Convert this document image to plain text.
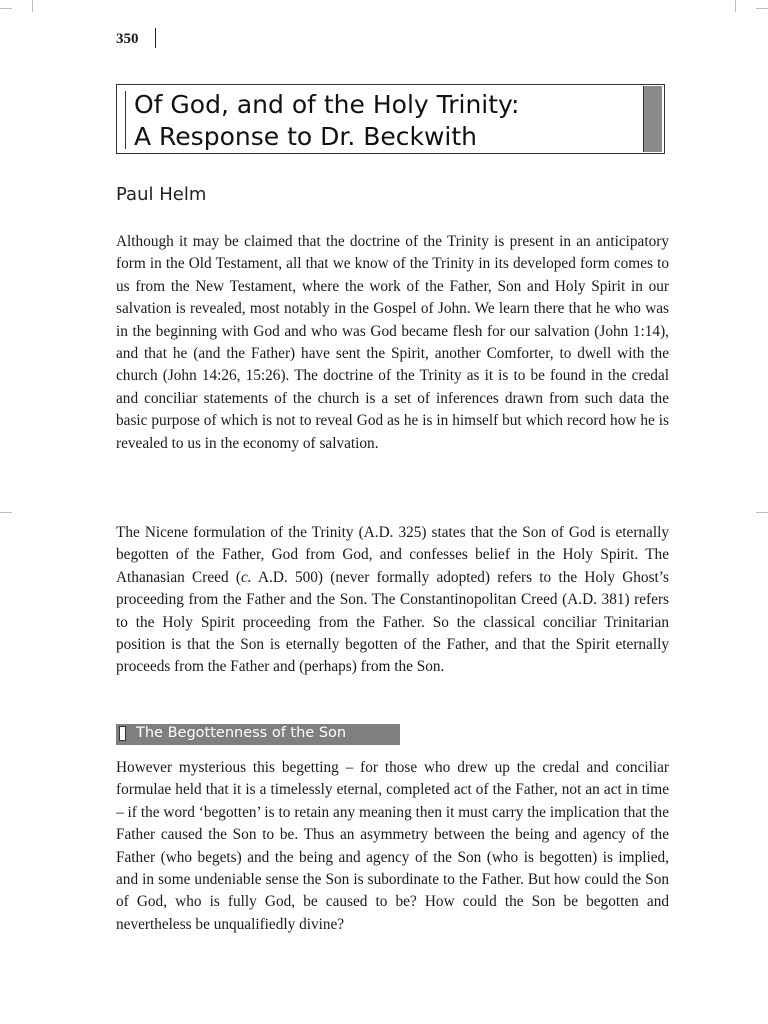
350
Of God, and of the Holy Trinity:
A Response to Dr. Beckwith
Paul Helm

Although it may be claimed that the doctrine of the Trinity is present in an anticipatory form in the Old Testament, all that we know of the Trinity in its developed form comes to us from the New Testament, where the work of the Father, Son and Holy Spirit in our salvation is revealed, most notably in the Gospel of John. We learn there that he who was in the beginning with God and who was God became flesh for our salvation (John 1:14), and that he (and the Father) have sent the Spirit, another Comforter, to dwell with the church (John 14:26, 15:26). The doctrine of the Trinity as it is to be found in the credal and conciliar statements of the church is a set of inferences drawn from such data the basic purpose of which is not to reveal God as he is in himself but which record how he is revealed to us in the economy of salvation.

The Nicene formulation of the Trinity (A.D. 325) states that the Son of God is eternally begotten of the Father, God from God, and confesses belief in the Holy Spirit. The Athanasian Creed (c. A.D. 500) (never formally adopted) refers to the Holy Ghost’s proceeding from the Father and the Son. The Constantinopolitan Creed (A.D. 381) refers to the Holy Spirit proceeding from the Father. So the classical conciliar Trinitarian position is that the Son is eternally begotten of the Father, and that the Spirit eternally proceeds from the Father and (perhaps) from the Son.

The Begottenness of the Son

However mysterious this begetting – for those who drew up the credal and conciliar formulae held that it is a timelessly eternal, completed act of the Father, not an act in time – if the word ‘begotten’ is to retain any meaning then it must carry the implication that the Father caused the Son to be. Thus an asymmetry between the being and agency of the Father (who begets) and the being and agency of the Son (who is begotten) is implied, and in some undeniable sense the Son is subordinate to the Father. But how could the Son of God, who is fully God, be caused to be? How could the Son be begotten and nevertheless be unqualifiedly divine?
